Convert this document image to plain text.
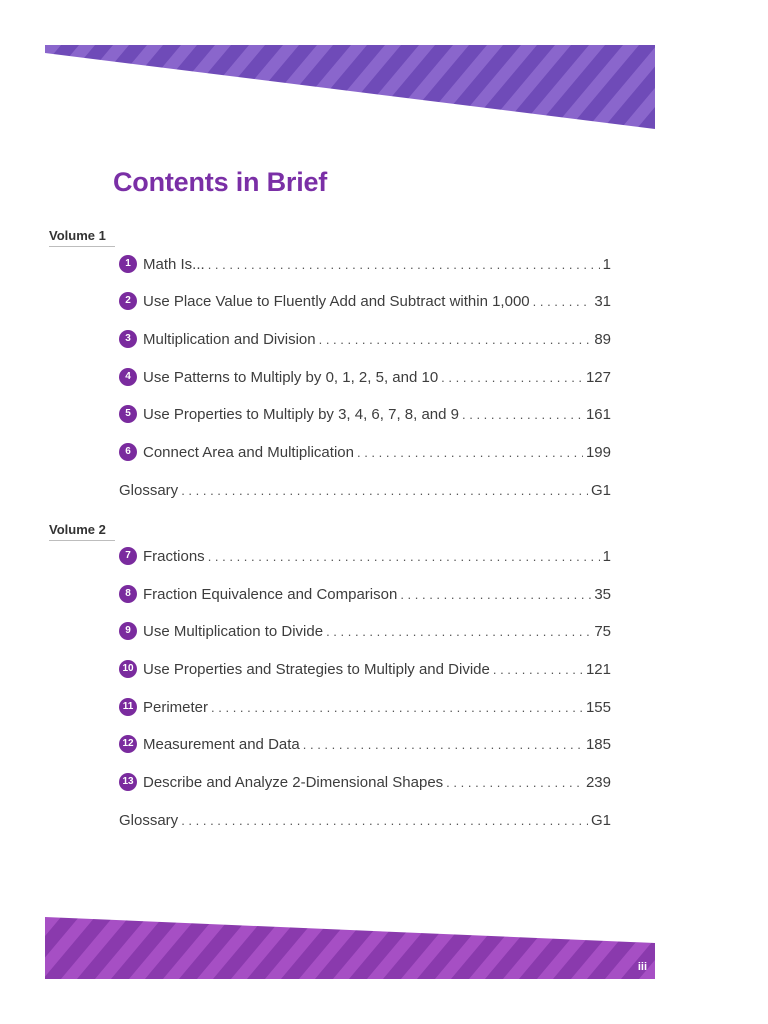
Contents in Brief
Volume 1
1 Math Is... . . .	1
2 Use Place Value to Fluently Add and Subtract within 1,000 . . .	31
3 Multiplication and Division . . .	89
4 Use Patterns to Multiply by 0, 1, 2, 5, and 10 . . .	127
5 Use Properties to Multiply by 3, 4, 6, 7, 8, and 9 . . .	161
6 Connect Area and Multiplication . . .	199
Glossary . . .	G1
Volume 2
7 Fractions . . .	1
8 Fraction Equivalence and Comparison . . .	35
9 Use Multiplication to Divide . . .	75
10 Use Properties and Strategies to Multiply and Divide . . .	121
11 Perimeter . . .	155
12 Measurement and Data . . .	185
13 Describe and Analyze 2-Dimensional Shapes . . .	239
Glossary . . .	G1
iii
